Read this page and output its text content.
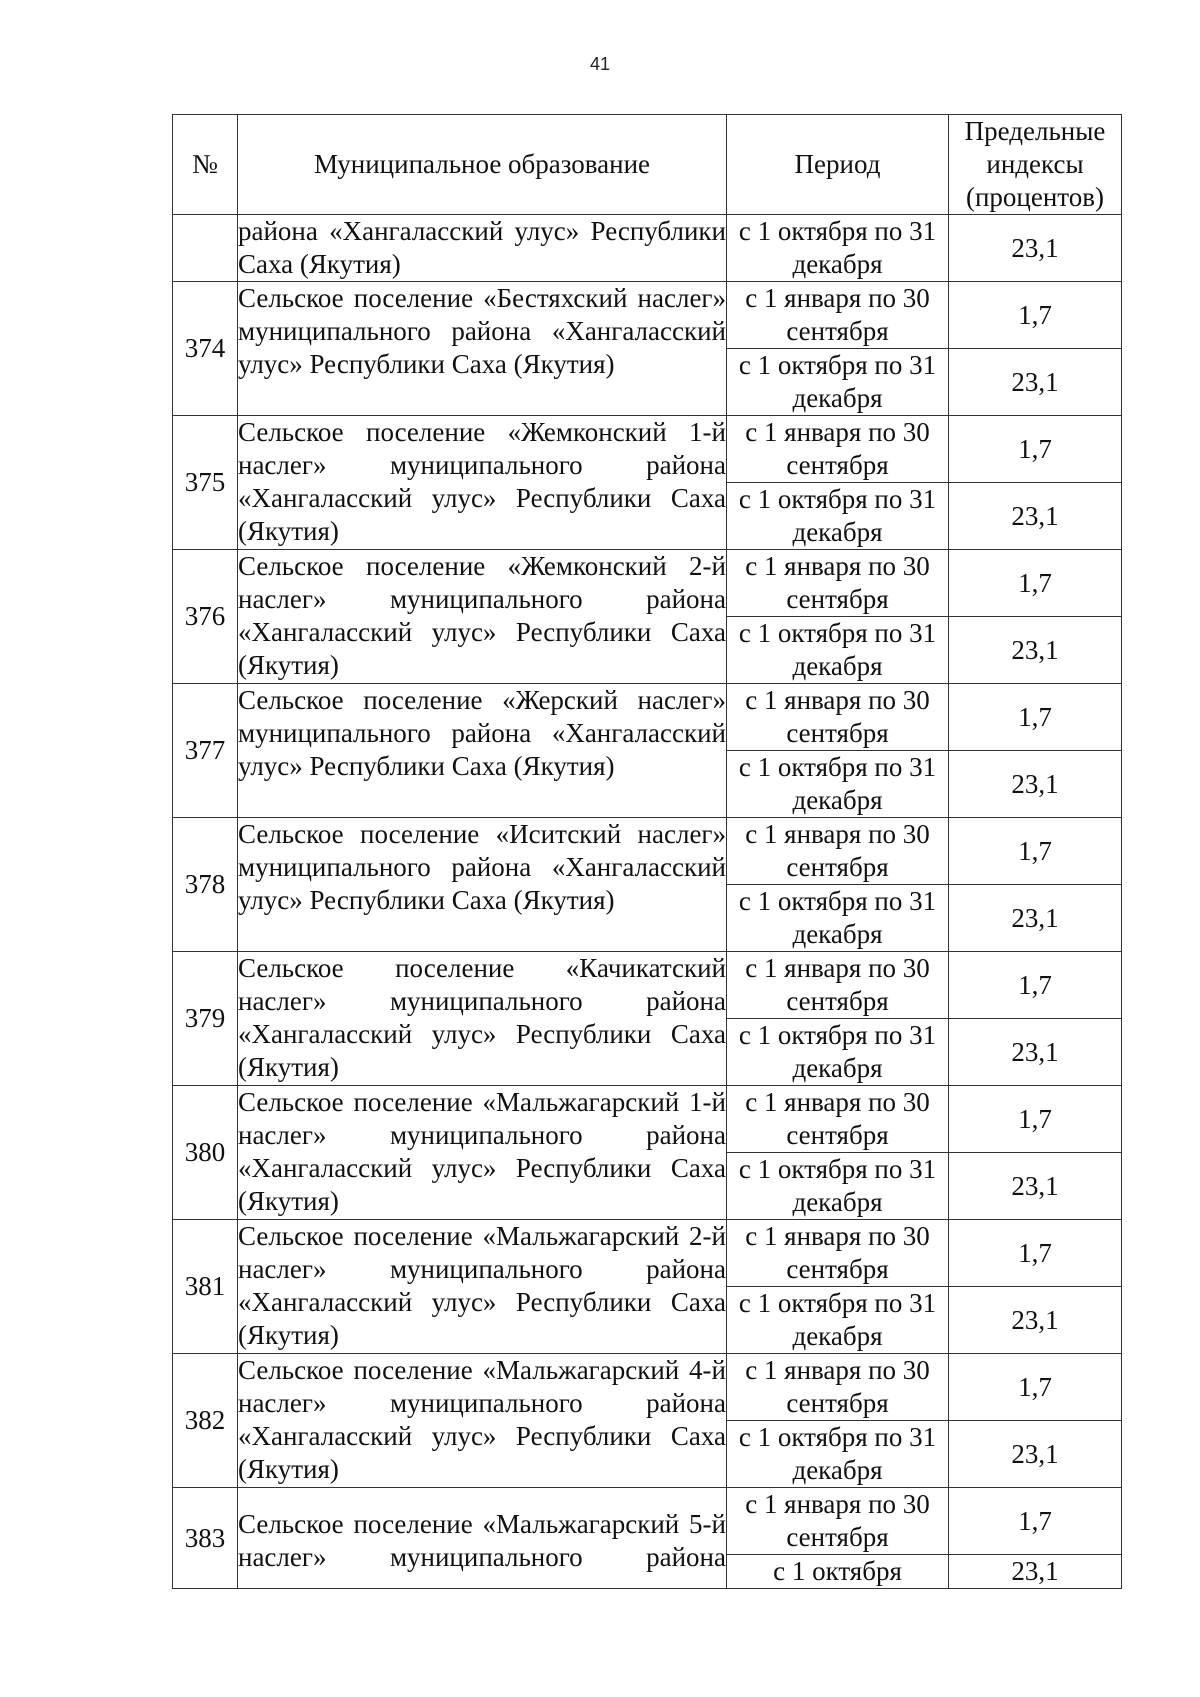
41
№	Муниципальное образование	Период	Предельные индексы (процентов)
	района «Хангаласский улус» Республики Саха (Якутия)	с 1 октября по 31 декабря	23,1
374	Сельское поселение «Бестяхский наслег» муниципального района «Хангаласский улус» Республики Саха (Якутия)	с 1 января по 30 сентября	1,7
		с 1 октября по 31 декабря	23,1
375	Сельское поселение «Жемконский 1-й наслег» муниципального района «Хангаласский улус» Республики Саха (Якутия)	с 1 января по 30 сентября	1,7
		с 1 октября по 31 декабря	23,1
376	Сельское поселение «Жемконский 2-й наслег» муниципального района «Хангаласский улус» Республики Саха (Якутия)	с 1 января по 30 сентября	1,7
		с 1 октября по 31 декабря	23,1
377	Сельское поселение «Жерский наслег» муниципального района «Хангаласский улус» Республики Саха (Якутия)	с 1 января по 30 сентября	1,7
		с 1 октября по 31 декабря	23,1
378	Сельское поселение «Иситский наслег» муниципального района «Хангаласский улус» Республики Саха (Якутия)	с 1 января по 30 сентября	1,7
		с 1 октября по 31 декабря	23,1
379	Сельское поселение «Качикатский наслег» муниципального района «Хангаласский улус» Республики Саха (Якутия)	с 1 января по 30 сентября	1,7
		с 1 октября по 31 декабря	23,1
380	Сельское поселение «Мальжагарский 1-й наслег» муниципального района «Хангаласский улус» Республики Саха (Якутия)	с 1 января по 30 сентября	1,7
		с 1 октября по 31 декабря	23,1
381	Сельское поселение «Мальжагарский 2-й наслег» муниципального района «Хангаласский улус» Республики Саха (Якутия)	с 1 января по 30 сентября	1,7
		с 1 октября по 31 декабря	23,1
382	Сельское поселение «Мальжагарский 4-й наслег» муниципального района «Хангаласский улус» Республики Саха (Якутия)	с 1 января по 30 сентября	1,7
		с 1 октября по 31 декабря	23,1
383	Сельское поселение «Мальжагарский 5-й наслег» муниципального района	с 1 января по 30 сентября	1,7
		с 1 октября	23,1
